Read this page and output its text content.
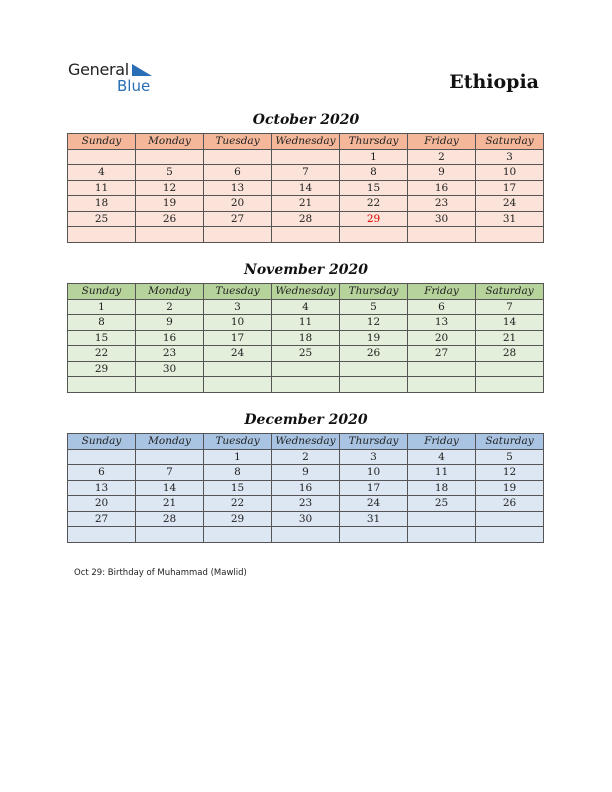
General
Blue	Ethiopia
October 2020
Sunday	Monday	Tuesday	Wednesday	Thursday	Friday	Saturday
				1	2	3
4	5	6	7	8	9	10
11	12	13	14	15	16	17
18	19	20	21	22	23	24
25	26	27	28	29	30	31

November 2020
Sunday	Monday	Tuesday	Wednesday	Thursday	Friday	Saturday
1	2	3	4	5	6	7
8	9	10	11	12	13	14
15	16	17	18	19	20	21
22	23	24	25	26	27	28
29	30					

December 2020
Sunday	Monday	Tuesday	Wednesday	Thursday	Friday	Saturday
		1	2	3	4	5
6	7	8	9	10	11	12
13	14	15	16	17	18	19
20	21	22	23	24	25	26
27	28	29	30	31		

Oct 29: Birthday of Muhammad (Mawlid)
